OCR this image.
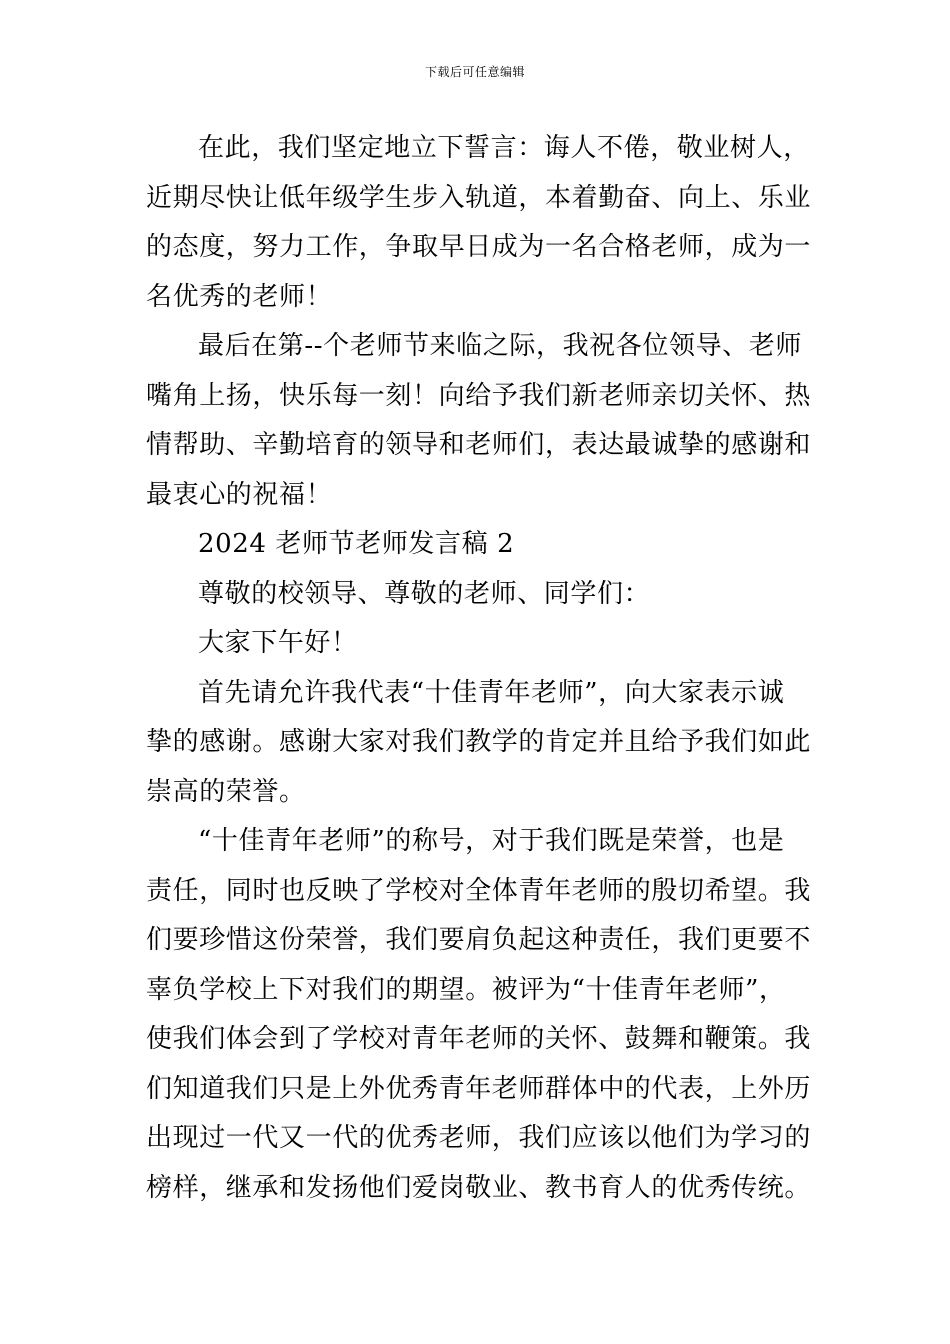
下载后可任意编辑
在此，我们坚定地立下誓言：诲人不倦，敬业树人，
近期尽快让低年级学生步入轨道，本着勤奋、向上、乐业
的态度，努力工作，争取早日成为一名合格老师，成为一
名优秀的老师！
最后在第--个老师节来临之际，我祝各位领导、老师
嘴角上扬，快乐每一刻！向给予我们新老师亲切关怀、热
情帮助、辛勤培育的领导和老师们，表达最诚挚的感谢和
最衷心的祝福！
2024 老师节老师发言稿 2
尊敬的校领导、尊敬的老师、同学们：
大家下午好！
首先请允许我代表“十佳青年老师”，向大家表示诚
挚的感谢。感谢大家对我们教学的肯定并且给予我们如此
崇高的荣誉。
“十佳青年老师”的称号，对于我们既是荣誉，也是
责任，同时也反映了学校对全体青年老师的殷切希望。我
们要珍惜这份荣誉，我们要肩负起这种责任，我们更要不
辜负学校上下对我们的期望。被评为“十佳青年老师”，
使我们体会到了学校对青年老师的关怀、鼓舞和鞭策。我
们知道我们只是上外优秀青年老师群体中的代表，上外历
出现过一代又一代的优秀老师，我们应该以他们为学习的
榜样，继承和发扬他们爱岗敬业、教书育人的优秀传统。
